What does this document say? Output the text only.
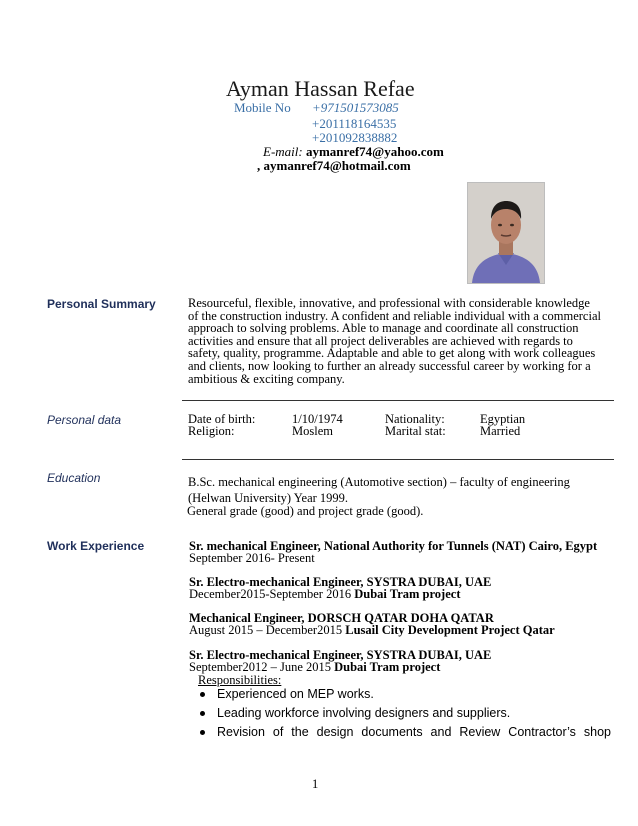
Ayman Hassan Refae
Mobile No +971501573085
+201118164535
+201092838882
E-mail: aymanref74@yahoo.com
, aymanref74@hotmail.com
Personal Summary	Resourceful, flexible, innovative, and professional with considerable knowledge
of the construction industry. A confident and reliable individual with a commercial
approach to solving problems. Able to manage and coordinate all construction
activities and ensure that all project deliverables are achieved with regards to
safety, quality, programme. Adaptable and able to get along with work colleagues
and clients, now looking to further an already successful career by working for a
ambitious & exciting company.
Personal data	Date of birth:	1/10/1974	Nationality:	Egyptian
Religion:	Moslem	Marital stat:	Married
Education	B.Sc. mechanical engineering (Automotive section) – faculty of engineering
(Helwan University) Year 1999.
General grade (good) and project grade (good).
Work Experience	Sr. mechanical Engineer, National Authority for Tunnels (NAT) Cairo, Egypt
September 2016- Present
Sr. Electro-mechanical Engineer, SYSTRA DUBAI, UAE
December2015-September 2016 Dubai Tram project
Mechanical Engineer, DORSCH QATAR DOHA QATAR
August 2015 – December2015 Lusail City Development Project Qatar
Sr. Electro-mechanical Engineer, SYSTRA DUBAI, UAE
September2012 – June 2015 Dubai Tram project
Responsibilities:
Experienced on MEP works.
Leading workforce involving designers and suppliers.
Revision of the design documents and Review Contractor’s shop
1
